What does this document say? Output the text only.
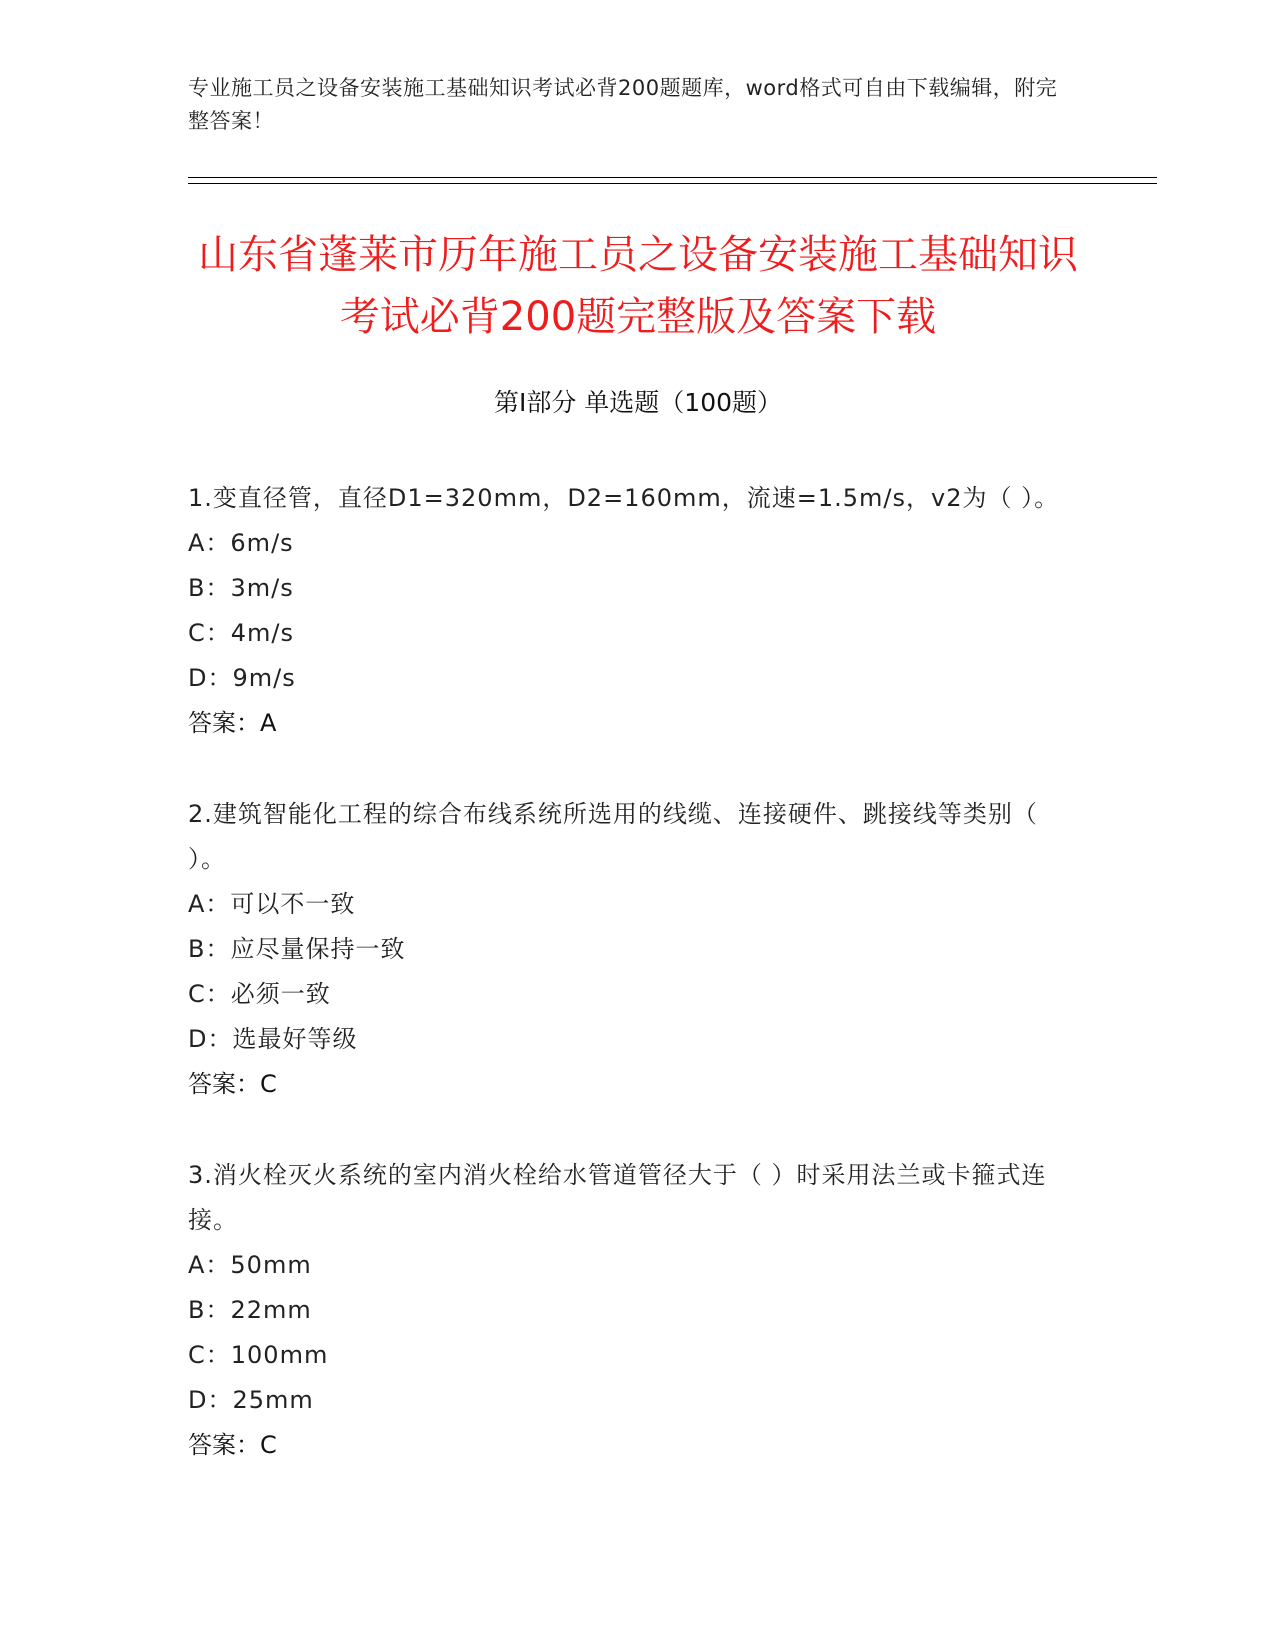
专业施工员之设备安装施工基础知识考试必背200题题库，word格式可自由下载编辑，附完整答案！
山东省蓬莱市历年施工员之设备安装施工基础知识考试必背200题完整版及答案下载
第Ⅰ部分 单选题（100题）
1.变直径管，直径D1=320mm，D2=160mm，流速=1.5m/s，v2为（ ）。
A：6m/s
B：3m/s
C：4m/s
D：9m/s
答案：A
2.建筑智能化工程的综合布线系统所选用的线缆、连接硬件、跳接线等类别（ ）。
A：可以不一致
B：应尽量保持一致
C：必须一致
D：选最好等级
答案：C
3.消火栓灭火系统的室内消火栓给水管道管径大于（ ）时采用法兰或卡箍式连接。
A：50mm
B：22mm
C：100mm
D：25mm
答案：C
